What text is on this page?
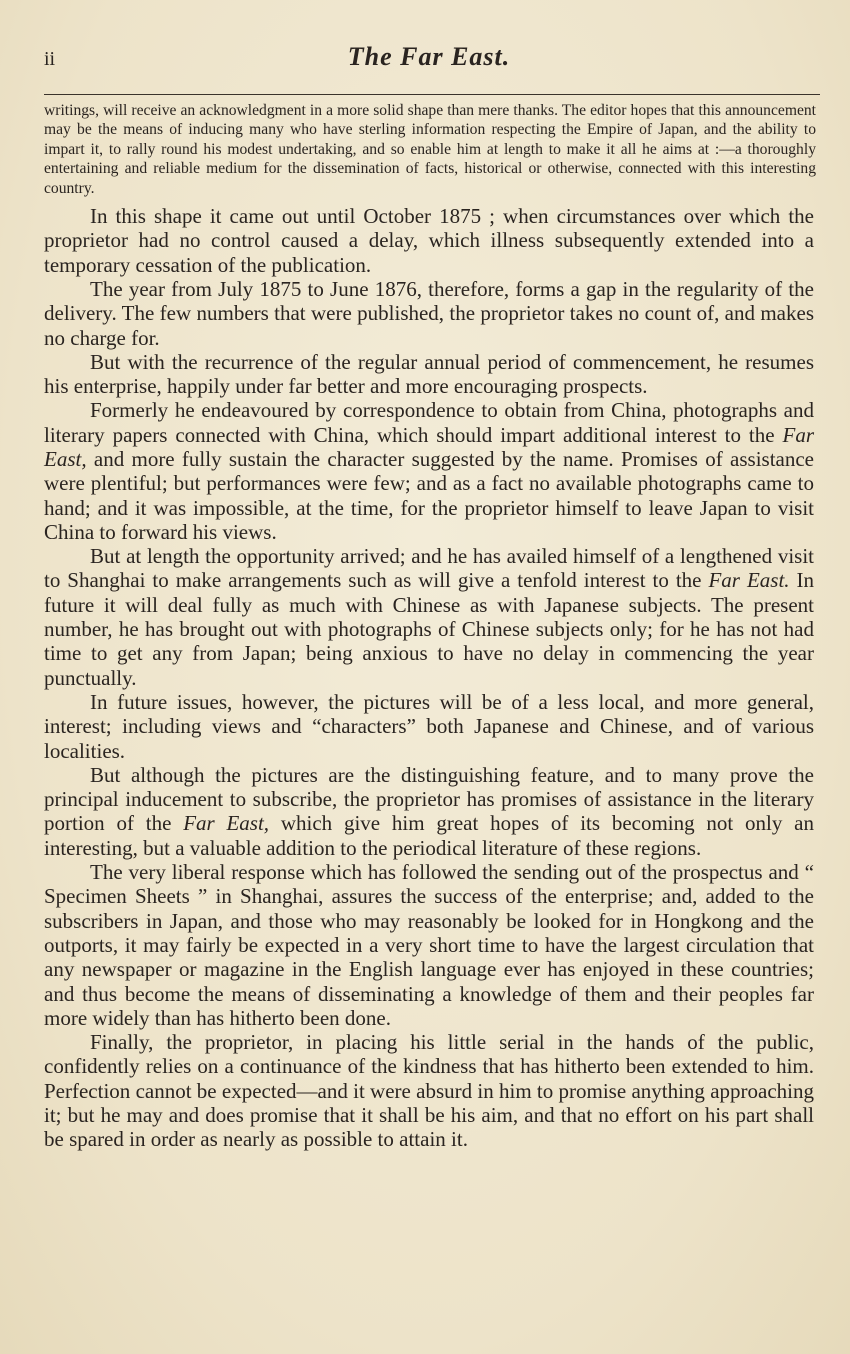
ii	The Far East.
writings, will receive an acknowledgment in a more solid shape than mere thanks. The editor hopes that this announcement may be the means of inducing many who have sterling information respecting the Empire of Japan, and the ability to impart it, to rally round his modest undertaking, and so enable him at length to make it all he aims at :—a thoroughly entertaining and reliable medium for the dissemination of facts, historical or otherwise, connected with this interesting country.

In this shape it came out until October 1875 ; when circumstances over which the proprietor had no control caused a delay, which illness subsequently extended into a temporary cessation of the publication.

The year from July 1875 to June 1876, therefore, forms a gap in the regularity of the delivery. The few numbers that were published, the proprietor takes no count of, and makes no charge for.

But with the recurrence of the regular annual period of commencement, he resumes his enterprise, happily under far better and more encouraging prospects.

Formerly he endeavoured by correspondence to obtain from China, photographs and literary papers connected with China, which should impart additional interest to the Far East, and more fully sustain the character suggested by the name. Promises of assistance were plentiful; but performances were few; and as a fact no available photographs came to hand; and it was impossible, at the time, for the proprietor himself to leave Japan to visit China to forward his views.

But at length the opportunity arrived; and he has availed himself of a lengthened visit to Shanghai to make arrangements such as will give a tenfold interest to the Far East. In future it will deal fully as much with Chinese as with Japanese subjects. The present number, he has brought out with photographs of Chinese subjects only; for he has not had time to get any from Japan; being anxious to have no delay in commencing the year punctually.

In future issues, however, the pictures will be of a less local, and more general, interest; including views and “characters” both Japanese and Chinese, and of various localities.

But although the pictures are the distinguishing feature, and to many prove the principal inducement to subscribe, the proprietor has promises of assistance in the literary portion of the Far East, which give him great hopes of its becoming not only an interesting, but a valuable addition to the periodical literature of these regions.

The very liberal response which has followed the sending out of the prospectus and “ Specimen Sheets ” in Shanghai, assures the success of the enterprise; and, added to the subscribers in Japan, and those who may reasonably be looked for in Hongkong and the outports, it may fairly be expected in a very short time to have the largest circulation that any newspaper or magazine in the English language ever has enjoyed in these countries; and thus become the means of disseminating a knowledge of them and their peoples far more widely than has hitherto been done.

Finally, the proprietor, in placing his little serial in the hands of the public, confidently relies on a continuance of the kindness that has hitherto been extended to him. Perfection cannot be expected—and it were absurd in him to promise anything approaching it; but he may and does promise that it shall be his aim, and that no effort on his part shall be spared in order as nearly as possible to attain it.
